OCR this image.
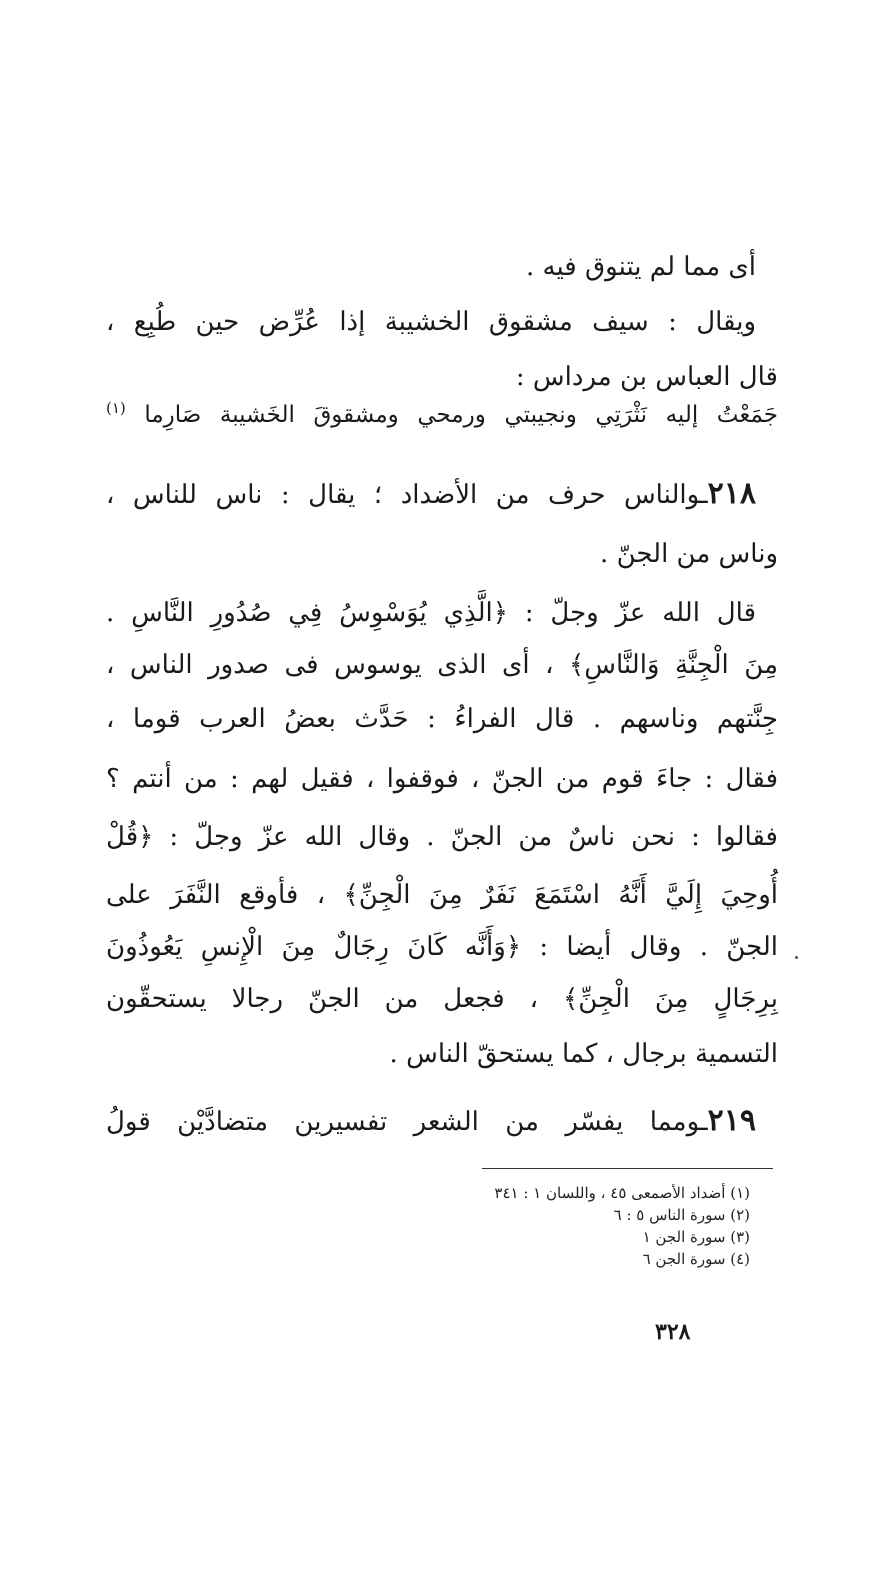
أى مما لم يتنوق فيه .
ويقال : سيف مشقوق الخشيبة إذا عُرِّض حين طُبِع ،
قال العباس بن مرداس :
جَمَعْتُ إليه نَثْرَتِي ونجيبتي ورمحي ومشقوقَ الخَشيبة صَارِما $^{(١)}$
٢١٨ـوالناس حرف من الأضداد ؛ يقال : ناس للناس ،
وناس من الجنّ .
قال الله عزّ وجلّ : ﴿الَّذِي يُوَسْوِسُ فِي صُدُورِ النَّاسِ .
مِنَ الْجِنَّةِ وَالنَّاسِ﴾ ، أى الذى يوسوس فى صدور الناس ،
جِنَّتهم وناسهم . قال الفراءُ : حَدَّث بعضُ العرب قوما ،
فقال : جاءَ قوم من الجنّ ، فوقفوا ، فقيل لهم : من أنتم ؟
فقالوا : نحن ناسٌ من الجنّ . وقال الله عزّ وجلّ : ﴿قُلْ
أُوحِيَ إِلَيَّ أَنَّهُ اسْتَمَعَ نَفَرٌ مِنَ الْجِنِّ﴾ ، فأوقع النَّفَرَ على
الجنّ . وقال أيضا : ﴿وَأَنَّه كَانَ رِجَالٌ مِنَ الْإِنسِ يَعُوذُونَ
بِرِجَالٍ مِنَ الْجِنِّ﴾ ، فجعل من الجنّ رجالا يستحقّون
التسمية برجال ، كما يستحقّ الناس .
٢١٩ـومما يفسّر من الشعر تفسيرين متضادَّيْن قولُ
(١) أضداد الأصمعى ٤٥ ، واللسان ١ : ٣٤١
(٢) سورة الناس ٥ : ٦
(٣) سورة الجن ١
(٤) سورة الجن ٦
٣٢٨
